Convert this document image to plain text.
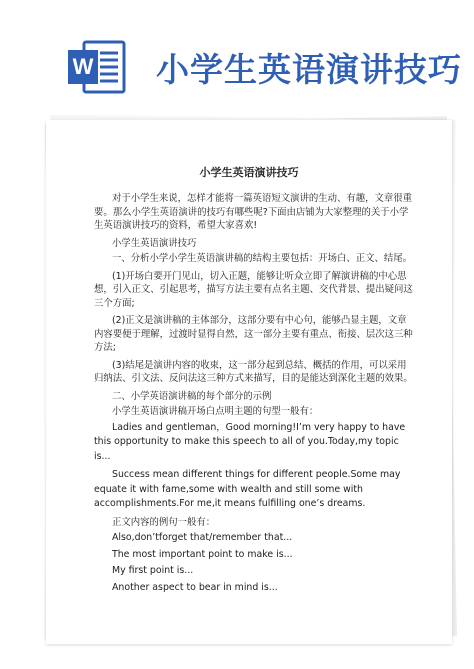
W 小学生英语演讲技巧
小学生英语演讲技巧

对于小学生来说，怎样才能将一篇英语短文演讲的生动、有趣，文章很重要。那么小学生英语演讲的技巧有哪些呢?下面由店铺为大家整理的关于小学生英语演讲技巧的资料，希望大家喜欢!

小学生英语演讲技巧

一、分析小学小学生英语演讲稿的结构主要包括：开场白、正文、结尾。

(1)开场白要开门见山，切入正题，能够让听众立即了解演讲稿的中心思想，引入正文、引起思考，描写方法主要有点名主题、交代背景、提出疑问这三个方面;

(2)正文是演讲稿的主体部分，这部分要有中心句，能够凸显主题，文章内容要便于理解，过渡时显得自然，这一部分主要有重点、衔接、层次这三种方法;

(3)结尾是演讲内容的收束，这一部分起到总结、概括的作用，可以采用归纳法、引文法、反问法这三种方式来描写，目的是能达到深化主题的效果。

二、小学英语演讲稿的每个部分的示例

小学生英语演讲稿开场白点明主题的句型一般有：

Ladies and gentleman，Good morning!I’m very happy to have this opportunity to make this speech to all of you.Today,my topic is...

Success mean different things for different people.Some may equate it with fame,some with wealth and still some with accomplishments.For me,it means fulfilling one’s dreams.

正文内容的例句一般有：

Also,don’tforget that/remember that...

The most important point to make is...

My first point is...

Another aspect to bear in mind is...
